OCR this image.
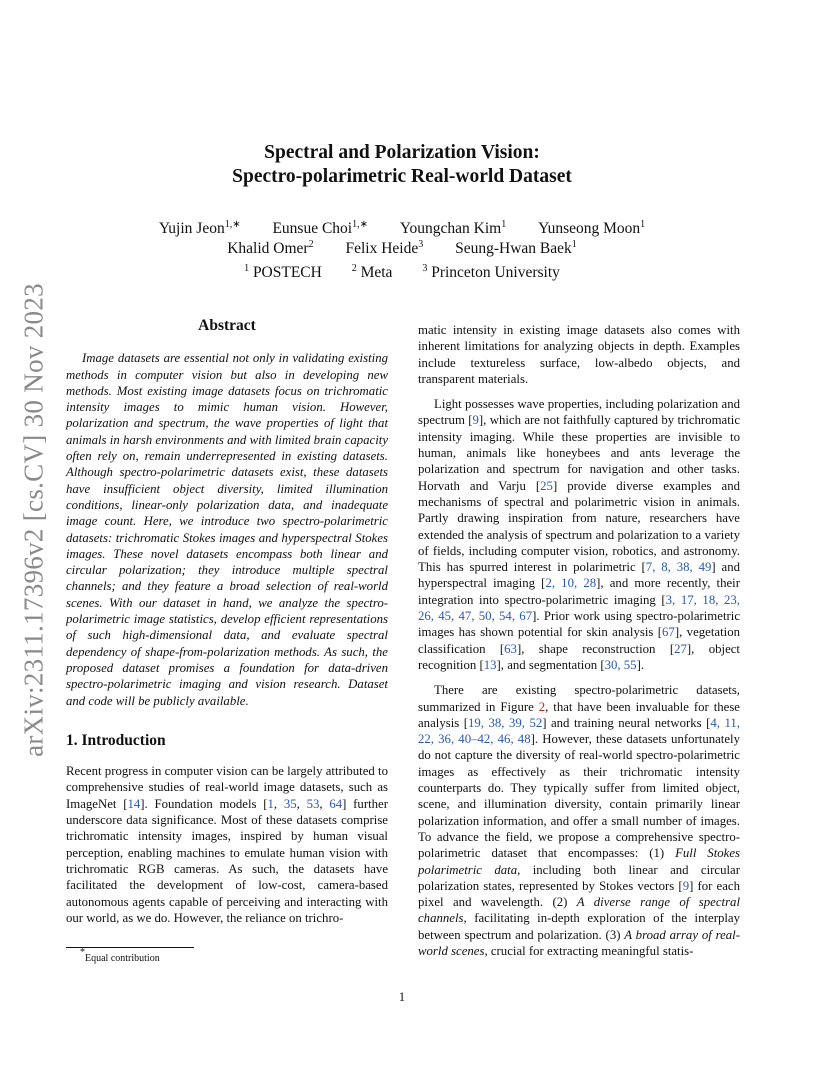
arXiv:2311.17396v2 [cs.CV] 30 Nov 2023
Spectral and Polarization Vision:
Spectro-polarimetric Real-world Dataset
Yujin Jeon$^{1,∗}$ Eunsue Choi$^{1,∗}$ Youngchan Kim$^1$ Yunseong Moon$^1$
Khalid Omer$^2$ Felix Heide$^3$ Seung-Hwan Baek$^1$
$^1$ POSTECH	$^2$ Meta	$^3$ Princeton University
Abstract

Image datasets are essential not only in validating existing methods in computer vision but also in developing new methods. Most existing image datasets focus on trichromatic intensity images to mimic human vision. However, polarization and spectrum, the wave properties of light that animals in harsh environments and with limited brain capacity often rely on, remain underrepresented in existing datasets. Although spectro-polarimetric datasets exist, these datasets have insufficient object diversity, limited illumination conditions, linear-only polarization data, and inadequate image count. Here, we introduce two spectro-polarimetric datasets: trichromatic Stokes images and hyperspectral Stokes images. These novel datasets encompass both linear and circular polarization; they introduce multiple spectral channels; and they feature a broad selection of real-world scenes. With our dataset in hand, we analyze the spectro-polarimetric image statistics, develop efficient representations of such high-dimensional data, and evaluate spectral dependency of shape-from-polarization methods. As such, the proposed dataset promises a foundation for data-driven spectro-polarimetric imaging and vision research. Dataset and code will be publicly available.

1. Introduction

Recent progress in computer vision can be largely attributed to comprehensive studies of real-world image datasets, such as ImageNet [14]. Foundation models [1, 35, 53, 64] further underscore data significance. Most of these datasets comprise trichromatic intensity images, inspired by human visual perception, enabling machines to emulate human vision with trichromatic RGB cameras. As such, the datasets have facilitated the development of low-cost, camera-based autonomous agents capable of perceiving and interacting with our world, as we do. However, the reliance on trichro-

matic intensity in existing image datasets also comes with inherent limitations for analyzing objects in depth. Examples include textureless surface, low-albedo objects, and transparent materials.

Light possesses wave properties, including polarization and spectrum [9], which are not faithfully captured by trichromatic intensity imaging. While these properties are invisible to human, animals like honeybees and ants leverage the polarization and spectrum for navigation and other tasks. Horvath and Varju [25] provide diverse examples and mechanisms of spectral and polarimetric vision in animals. Partly drawing inspiration from nature, researchers have extended the analysis of spectrum and polarization to a variety of fields, including computer vision, robotics, and astronomy. This has spurred interest in polarimetric [7, 8, 38, 49] and hyperspectral imaging [2, 10, 28], and more recently, their integration into spectro-polarimetric imaging [3, 17, 18, 23, 26, 45, 47, 50, 54, 67]. Prior work using spectro-polarimetric images has shown potential for skin analysis [67], vegetation classification [63], shape reconstruction [27], object recognition [13], and segmentation [30, 55].

There are existing spectro-polarimetric datasets, summarized in Figure 2, that have been invaluable for these analysis [19, 38, 39, 52] and training neural networks [4, 11, 22, 36, 40–42, 46, 48]. However, these datasets unfortunately do not capture the diversity of real-world spectro-polarimetric images as effectively as their trichromatic intensity counterparts do. They typically suffer from limited object, scene, and illumination diversity, contain primarily linear polarization information, and offer a small number of images. To advance the field, we propose a comprehensive spectro-polarimetric dataset that encompasses: (1) Full Stokes polarimetric data, including both linear and circular polarization states, represented by Stokes vectors [9] for each pixel and wavelength. (2) A diverse range of spectral channels, facilitating in-depth exploration of the interplay between spectrum and polarization. (3) A broad array of real-world scenes, crucial for extracting meaningful statis-

*Equal contribution
1
